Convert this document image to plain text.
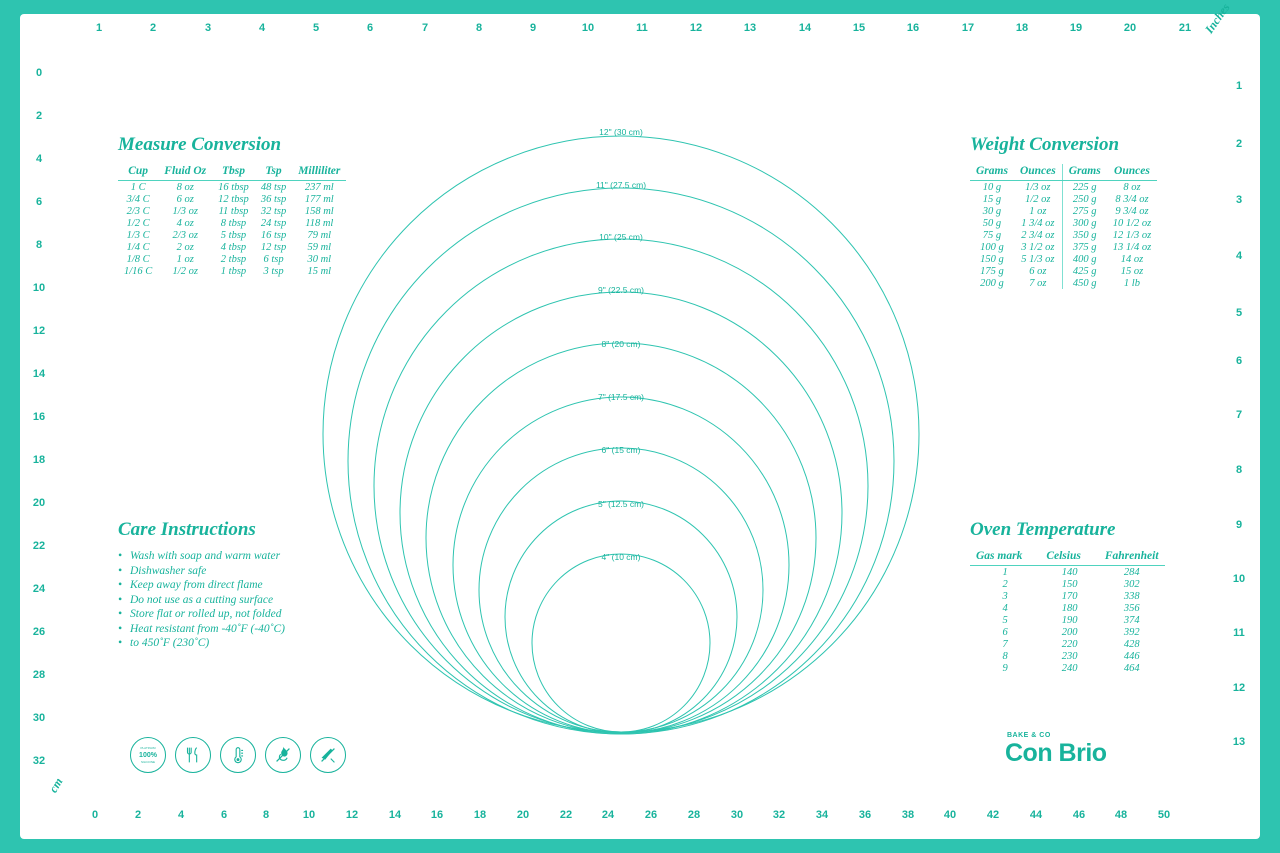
1	2	3	4	5	6	7	8	9	10	11	12	13	14	15	16	17	18	19	20	21 Inches
0
2
4
6
8
10
12
14
16
18
20
22
24
26
28
30
32
cm
1
2
3
4
5
6
7
8
9
10
11
12
13
0	2	4	6	8	10	12	14	16	18	20	22	24	26	28	30	32	34	36	38	40	42	44	46	48	50
12" (30 cm)
11" (27.5 cm)
10" (25 cm)
9" (22.5 cm)
8" (20 cm)
7" (17.5 cm)
6" (15 cm)
5" (12.5 cm)
4" (10 cm)
Measure Conversion
Cup	Fluid Oz	Tbsp	Tsp	Milliliter
1 C	8 oz	16 tbsp	48 tsp	237 ml
3/4 C	6 oz	12 tbsp	36 tsp	177 ml
2/3 C	1/3 oz	11 tbsp	32 tsp	158 ml
1/2 C	4 oz	8 tbsp	24 tsp	118 ml
1/3 C	2/3 oz	5 tbsp	16 tsp	79 ml
1/4 C	2 oz	4 tbsp	12 tsp	59 ml
1/8 C	1 oz	2 tbsp	6 tsp	30 ml
1/16 C	1/2 oz	1 tbsp	3 tsp	15 ml
Weight Conversion
Grams	Ounces	Grams	Ounces
10 g	1/3 oz	225 g	8 oz
15 g	1/2 oz	250 g	8 3/4 oz
30 g	1 oz	275 g	9 3/4 oz
50 g	1 3/4 oz	300 g	10 1/2 oz
75 g	2 3/4 oz	350 g	12 1/3 oz
100 g	3 1/2 oz	375 g	13 1/4 oz
150 g	5 1/3 oz	400 g	14 oz
175 g	6 oz	425 g	15 oz
200 g	7 oz	450 g	1 lb
Care Instructions
• Wash with soap and warm water
• Dishwasher safe
• Keep away from direct flame
• Do not use as a cutting surface
• Store flat or rolled up, not folded
• Heat resistant from -40˚F (-40˚C)
• to 450˚F (230˚C)
Oven Temperature
Gas mark	Celsius	Fahrenheit
1	140	284
2	150	302
3	170	338
4	180	356
5	190	374
6	200	392
7	220	428
8	230	446
9	240	464
100%
PLATINUM
SILICONE
BAKE & CO
Con Brio
